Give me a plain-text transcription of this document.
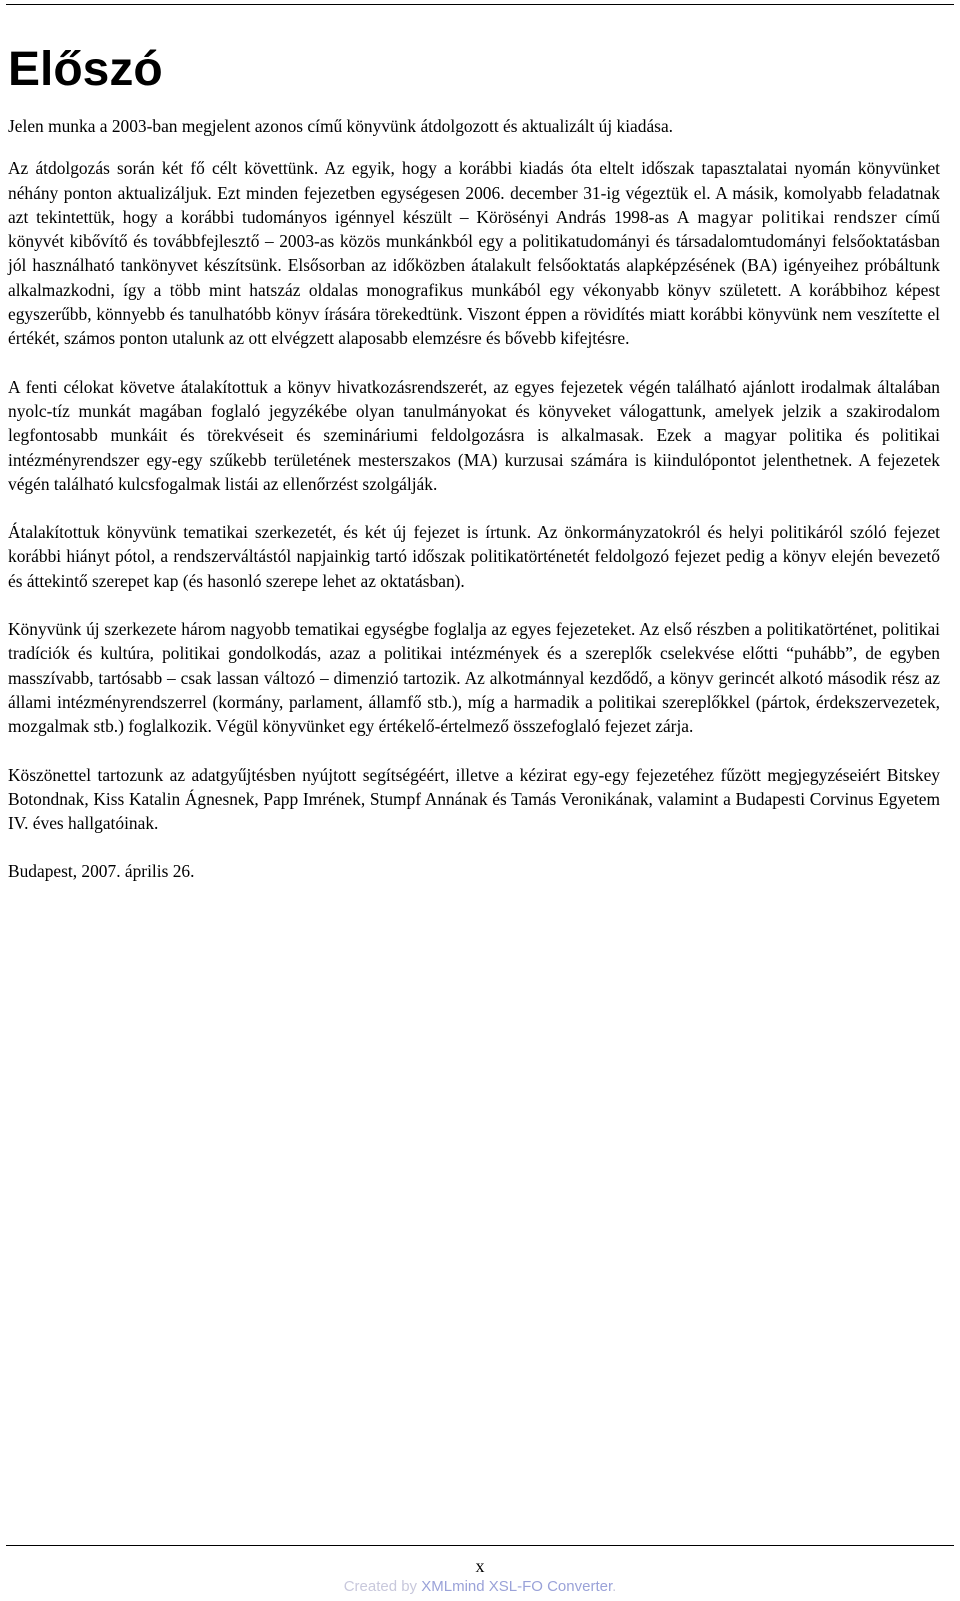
Előszó

Jelen munka a 2003-ban megjelent azonos című könyvünk átdolgozott és aktualizált új kiadása.

Az átdolgozás során két fő célt követtünk. Az egyik, hogy a korábbi kiadás óta eltelt időszak tapasztalatai nyomán könyvünket néhány ponton aktualizáljuk. Ezt minden fejezetben egységesen 2006. december 31-ig végeztük el. A másik, komolyabb feladatnak azt tekintettük, hogy a korábbi tudományos igénnyel készült – Körösényi András 1998-as A magyar politikai rendszer című könyvét kibővítő és továbbfejlesztő – 2003-as közös munkánkból egy a politikatudományi és társadalomtudományi felsőoktatásban jól használható tankönyvet készítsünk. Elsősorban az időközben átalakult felsőoktatás alapképzésének (BA) igényeihez próbáltunk alkalmazkodni, így a több mint hatszáz oldalas monografikus munkából egy vékonyabb könyv született. A korábbihoz képest egyszerűbb, könnyebb és tanulhatóbb könyv írására törekedtünk. Viszont éppen a rövidítés miatt korábbi könyvünk nem veszítette el értékét, számos ponton utalunk az ott elvégzett alaposabb elemzésre és bővebb kifejtésre.

A fenti célokat követve átalakítottuk a könyv hivatkozásrendszerét, az egyes fejezetek végén található ajánlott irodalmak általában nyolc-tíz munkát magában foglaló jegyzékébe olyan tanulmányokat és könyveket válogattunk, amelyek jelzik a szakirodalom legfontosabb munkáit és törekvéseit és szemináriumi feldolgozásra is alkalmasak. Ezek a magyar politika és politikai intézményrendszer egy-egy szűkebb területének mesterszakos (MA) kurzusai számára is kiindulópontot jelenthetnek. A fejezetek végén található kulcsfogalmak listái az ellenőrzést szolgálják.

Átalakítottuk könyvünk tematikai szerkezetét, és két új fejezet is írtunk. Az önkormányzatokról és helyi politikáról szóló fejezet korábbi hiányt pótol, a rendszerváltástól napjainkig tartó időszak politikatörténetét feldolgozó fejezet pedig a könyv elején bevezető és áttekintő szerepet kap (és hasonló szerepe lehet az oktatásban).

Könyvünk új szerkezete három nagyobb tematikai egységbe foglalja az egyes fejezeteket. Az első részben a politikatörténet, politikai tradíciók és kultúra, politikai gondolkodás, azaz a politikai intézmények és a szereplők cselekvése előtti “puhább”, de egyben masszívabb, tartósabb – csak lassan változó – dimenzió tartozik. Az alkotmánnyal kezdődő, a könyv gerincét alkotó második rész az állami intézményrendszerrel (kormány, parlament, államfő stb.), míg a harmadik a politikai szereplőkkel (pártok, érdekszervezetek, mozgalmak stb.) foglalkozik. Végül könyvünket egy értékelő-értelmező összefoglaló fejezet zárja.

Köszönettel tartozunk az adatgyűjtésben nyújtott segítségéért, illetve a kézirat egy-egy fejezetéhez fűzött megjegyzéseiért Bitskey Botondnak, Kiss Katalin Ágnesnek, Papp Imrének, Stumpf Annának és Tamás Veronikának, valamint a Budapesti Corvinus Egyetem IV. éves hallgatóinak.

Budapest, 2007. április 26.

x
Created by XMLmind XSL-FO Converter.
